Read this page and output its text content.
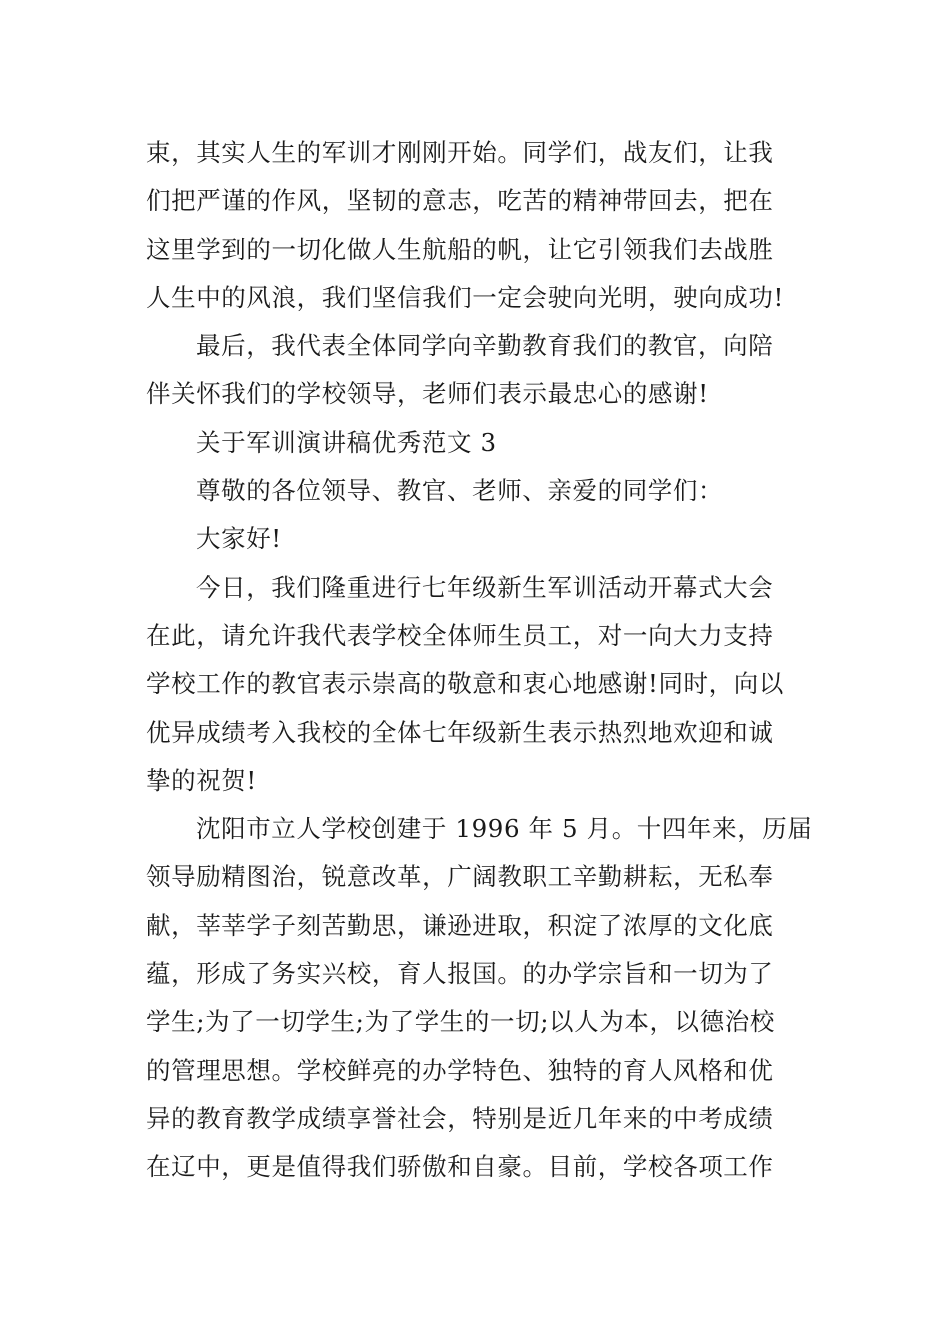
束，其实人生的军训才刚刚开始。同学们，战友们，让我
们把严谨的作风，坚韧的意志，吃苦的精神带回去，把在
这里学到的一切化做人生航船的帆，让它引领我们去战胜
人生中的风浪，我们坚信我们一定会驶向光明，驶向成功!
最后，我代表全体同学向辛勤教育我们的教官，向陪
伴关怀我们的学校领导，老师们表示最忠心的感谢!
关于军训演讲稿优秀范文 3
尊敬的各位领导、教官、老师、亲爱的同学们：
大家好!
今日，我们隆重进行七年级新生军训活动开幕式大会
在此，请允许我代表学校全体师生员工，对一向大力支持
学校工作的教官表示崇高的敬意和衷心地感谢!同时，向以
优异成绩考入我校的全体七年级新生表示热烈地欢迎和诚
挚的祝贺!
沈阳市立人学校创建于 1996 年 5 月。十四年来，历届
领导励精图治，锐意改革，广阔教职工辛勤耕耘，无私奉
献，莘莘学子刻苦勤思，谦逊进取，积淀了浓厚的文化底
蕴，形成了务实兴校，育人报国。的办学宗旨和一切为了
学生;为了一切学生;为了学生的一切;以人为本，以德治校
的管理思想。学校鲜亮的办学特色、独特的育人风格和优
异的教育教学成绩享誉社会，特别是近几年来的中考成绩
在辽中，更是值得我们骄傲和自豪。目前，学校各项工作
